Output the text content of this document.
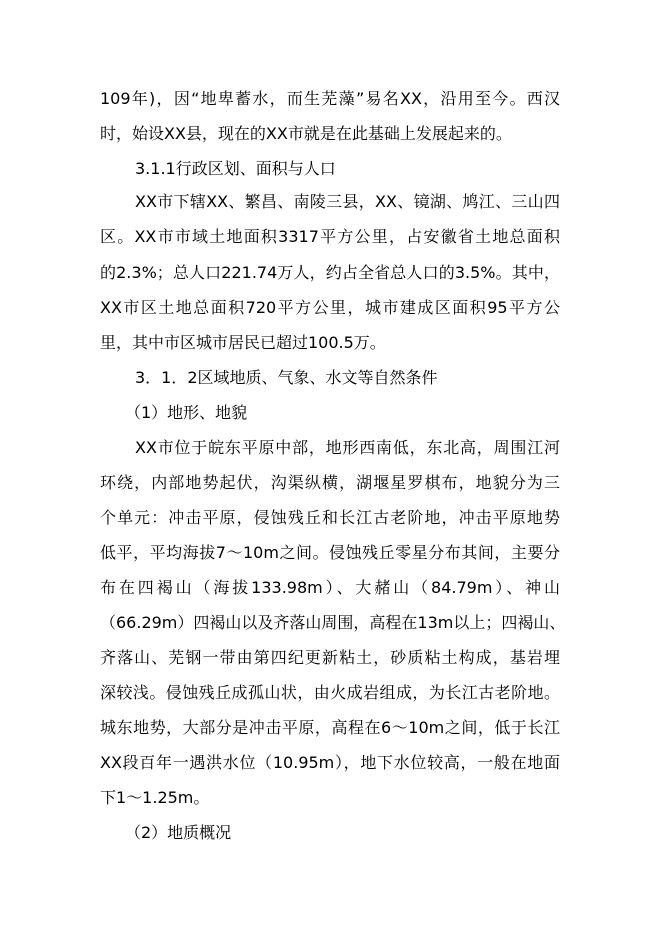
109年)，因“地卑蓄水，而生芜藻”易名XX，沿用至今。西汉
时，始设XX县，现在的XX市就是在此基础上发展起来的。
3.1.1行政区划、面积与人口
XX市下辖XX、繁昌、南陵三县，XX、镜湖、鸠江、三山四
区。XX市市域土地面积3317平方公里，占安徽省土地总面积
的2.3%；总人口221.74万人，约占全省总人口的3.5%。其中，
XX市区土地总面积720平方公里，城市建成区面积95平方公
里，其中市区城市居民已超过100.5万。
3．1．2区域地质、气象、水文等自然条件
（1）地形、地貌
XX市位于皖东平原中部，地形西南低，东北高，周围江河
环绕，内部地势起伏，沟渠纵横，湖堰星罗棋布，地貌分为三
个单元：冲击平原，侵蚀残丘和长江古老阶地，冲击平原地势
低平，平均海拔7～10m之间。侵蚀残丘零星分布其间，主要分
布在四褐山（海拔133.98m）、大赭山（84.79m）、神山
（66.29m）四褐山以及齐落山周围，高程在13m以上；四褐山、
齐落山、芜钢一带由第四纪更新粘土，砂质粘土构成，基岩埋
深较浅。侵蚀残丘成孤山状，由火成岩组成，为长江古老阶地。
城东地势，大部分是冲击平原，高程在6～10m之间，低于长江
XX段百年一遇洪水位（10.95m），地下水位较高，一般在地面
下1～1.25m。
（2）地质概况
